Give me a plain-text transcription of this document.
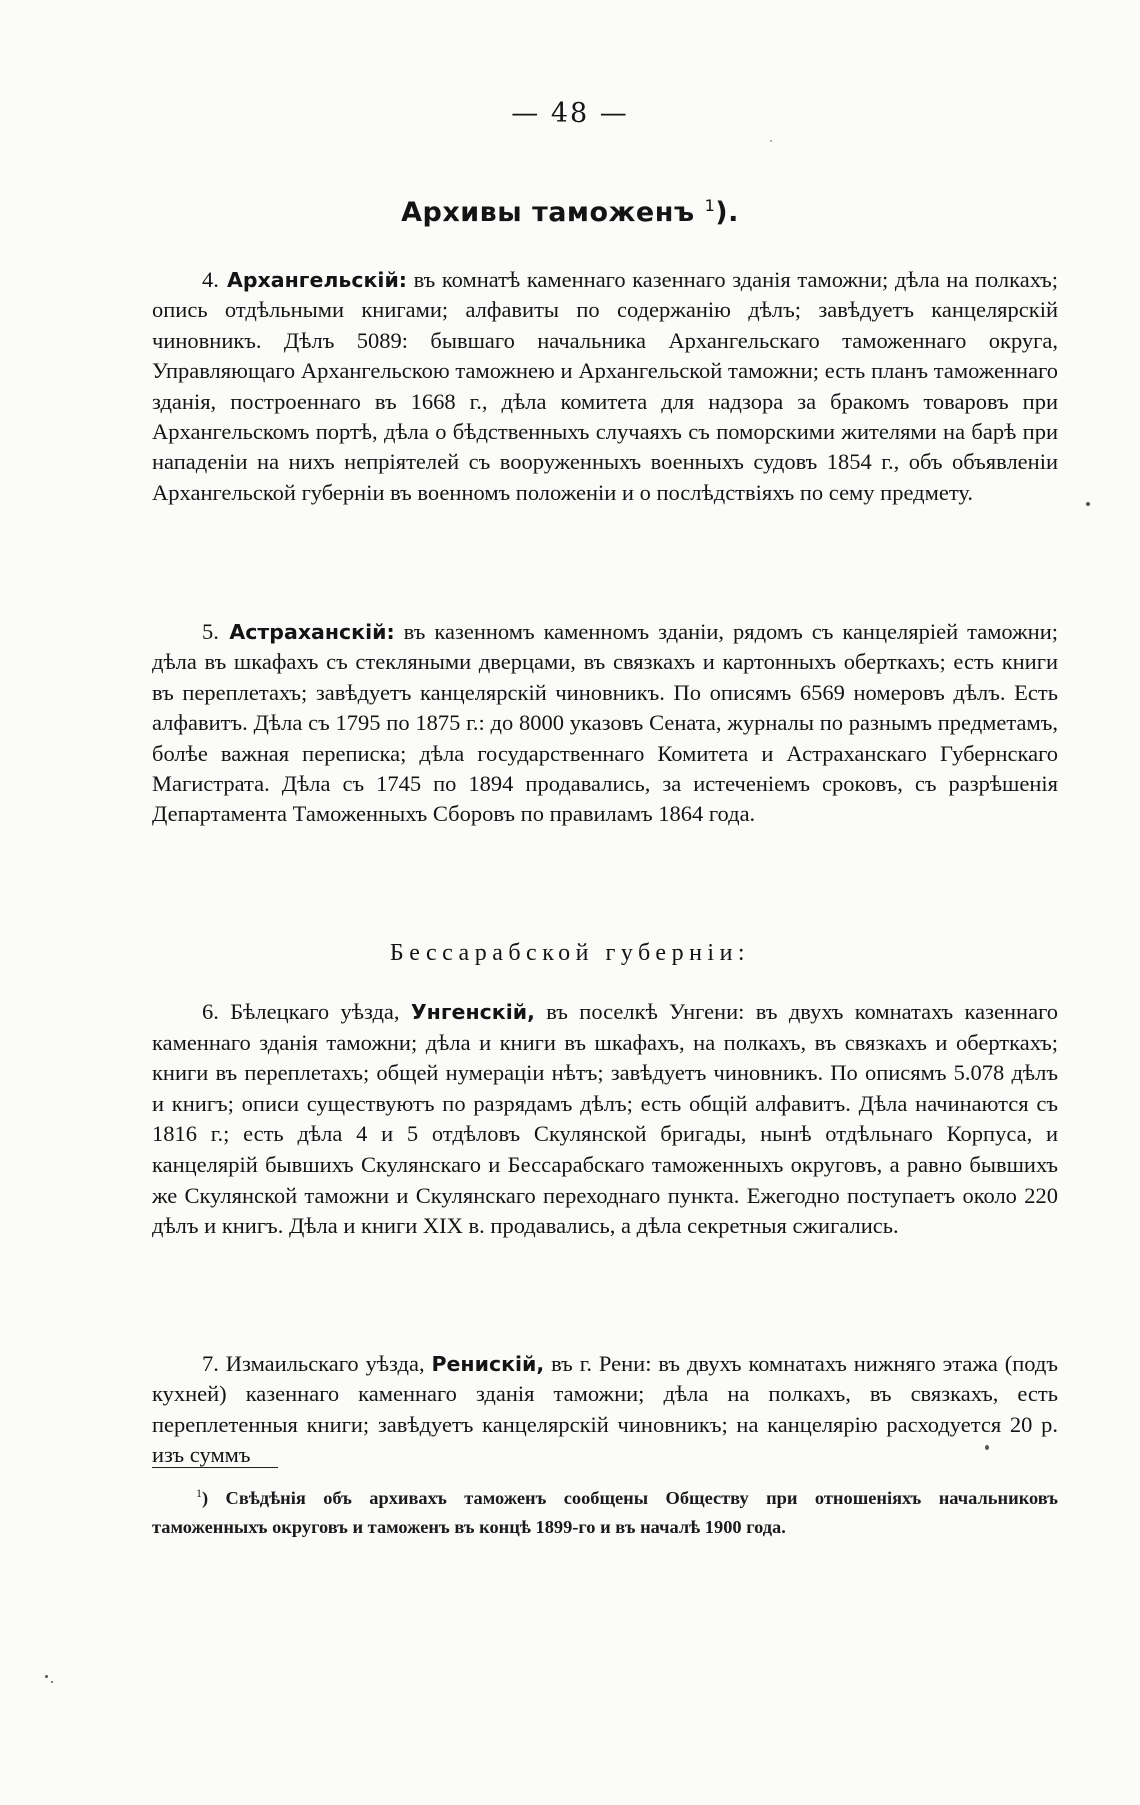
— 48 —
Архивы таможенъ $^1$).

4. Архангельскій: въ комнатѣ каменнаго казеннаго зданія таможни; дѣла на полкахъ; опись отдѣльными книгами; алфавиты по содержанію дѣлъ; завѣдуетъ канцелярскій чиновникъ. Дѣлъ 5089: бывшаго начальника Архангельскаго таможеннаго округа, Управляющаго Архангельскою таможнею и Архангельской таможни; есть планъ таможеннаго зданія, построеннаго въ 1668 г., дѣла комитета для надзора за бракомъ товаровъ при Архангельскомъ портѣ, дѣла о бѣдственныхъ случаяхъ съ поморскими жителями на барѣ при нападеніи на нихъ непріятелей съ вооруженныхъ военныхъ судовъ 1854 г., объ объявленіи Архангельской губерніи въ военномъ положеніи и о послѣдствіяхъ по сему предмету.

5. Астраханскій: въ казенномъ каменномъ зданіи, рядомъ съ канцеляріей таможни; дѣла въ шкафахъ съ стекляными дверцами, въ связкахъ и картонныхъ оберткахъ; есть книги въ переплетахъ; завѣдуетъ канцелярскій чиновникъ. По описямъ 6569 номеровъ дѣлъ. Есть алфавитъ. Дѣла съ 1795 по 1875 г.: до 8000 указовъ Сената, журналы по разнымъ предметамъ, болѣе важная переписка; дѣла государственнаго Комитета и Астраханскаго Губернскаго Магистрата. Дѣла съ 1745 по 1894 продавались, за истеченіемъ сроковъ, съ разрѣшенія Департамента Таможенныхъ Сборовъ по правиламъ 1864 года.

Бессарабской губерніи:

6. Бѣлецкаго уѣзда, Унгенскій, въ поселкѣ Унгени: въ двухъ комнатахъ казеннаго каменнаго зданія таможни; дѣла и книги въ шкафахъ, на полкахъ, въ связкахъ и оберткахъ; книги въ переплетахъ; общей нумераціи нѣтъ; завѣдуетъ чиновникъ. По описямъ 5.078 дѣлъ и книгъ; описи существуютъ по разрядамъ дѣлъ; есть общій алфавитъ. Дѣла начинаются съ 1816 г.; есть дѣла 4 и 5 отдѣловъ Скулянской бригады, нынѣ отдѣльнаго Корпуса, и канцелярій бывшихъ Скулянскаго и Бессарабскаго таможенныхъ округовъ, а равно бывшихъ же Скулянской таможни и Скулянскаго переходнаго пункта. Ежегодно поступаетъ около 220 дѣлъ и книгъ. Дѣла и книги XIX в. продавались, а дѣла секретныя сжигались.

7. Измаильскаго уѣзда, Ренискій, въ г. Рени: въ двухъ комнатахъ нижняго этажа (подъ кухней) казеннаго каменнаго зданія таможни; дѣла на полкахъ, въ связкахъ, есть переплетенныя книги; завѣдуетъ канцелярскій чиновникъ; на канцелярію расходуется 20 р. изъ суммъ

$^1$) Свѣдѣнія объ архивахъ таможенъ сообщены Обществу при отношеніяхъ начальниковъ таможенныхъ округовъ и таможенъ въ концѣ 1899-го и въ началѣ 1900 года.
